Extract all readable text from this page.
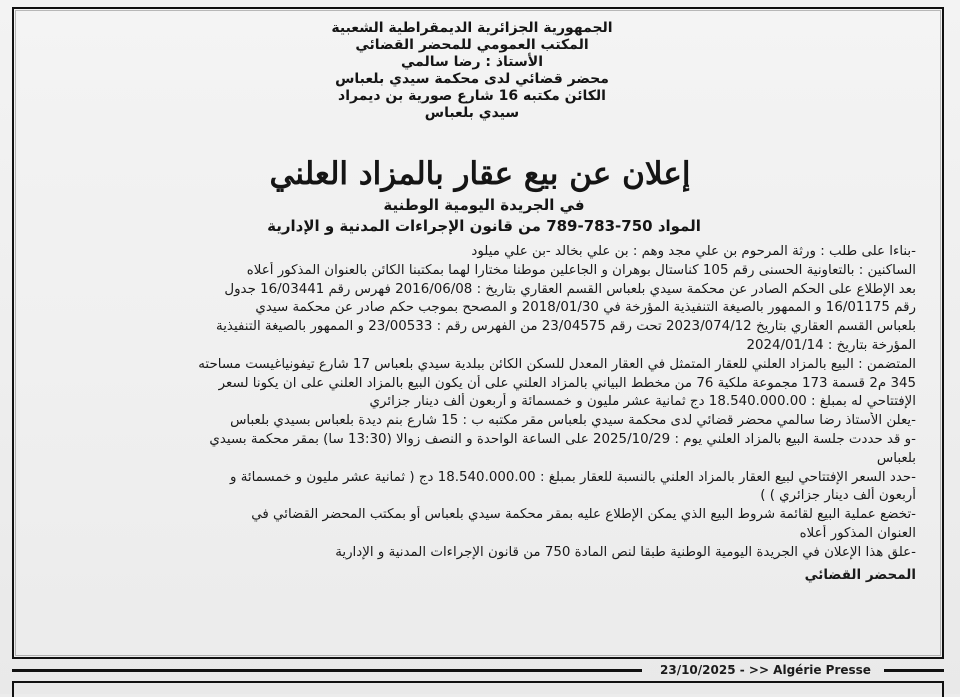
الجمهورية الجزائرية الديمقراطية الشعبية

المكتب العمومي للمحضر القضائي

الأستاذ : رضا سالمي

محضر قضائي لدى محكمة سيدي بلعباس

الكائن مكتبه 16 شارع صورية بن ديمراد

سيدي بلعباس

إعلان عن بيع عقار بالمزاد العلني
في الجريدة اليومية الوطنية
المواد 750-783-789 من قانون الإجراءات المدنية و الإدارية

-بناءا على طلب : ورثة المرحوم بن علي مجد وهم : بن علي بخالد -بن علي ميلود

الساكنين : بالتعاونية الحسنى رقم 105 كناستال بوهران و الجاعلين موطنا مختارا لهما بمكتبنا الكائن بالعنوان المذكور أعلاه

بعد الإطلاع على الحكم الصادر عن محكمة سيدي بلعباس القسم العقاري بتاريخ : 2016/06/08 فهرس رقم 16/03441 جدول

رقم 16/01175 و الممهور بالصيغة التنفيذية المؤرخة في 2018/01/30 و المصحح بموجب حكم صادر عن محكمة سيدي

بلعباس القسم العقاري بتاريخ 2023/074/12 تحت رقم 23/04575 من الفهرس رقم : 23/00533 و الممهور بالصيغة التنفيذية

المؤرخة بتاريخ : 2024/01/14

المتضمن : البيع بالمزاد العلني للعقار المتمثل في العقار المعدل للسكن الكائن ببلدية سيدي بلعباس 17 شارع تيفونياغيست مساحته

345 م2 قسمة 173 مجموعة ملكية 76 من مخطط البياني بالمزاد العلني على أن يكون البيع بالمزاد العلني على ان يكونا لسعر

الإفتتاحي له بمبلغ : 18.540.000.00 دج ثمانية عشر مليون و خمسمائة و أربعون ألف دينار جزائري

-يعلن الأستاذ رضا سالمي محضر قضائي لدى محكمة سيدي بلعباس مقر مكتبه ب : 15 شارع بنم ديدة بلعباس بسيدي بلعباس

-و قد حددت جلسة البيع بالمزاد العلني يوم : 2025/10/29 على الساعة الواحدة و النصف زوالا (13:30 سا) بمقر محكمة بسيدي

بلعباس

-حدد السعر الإفتتاحي لبيع العقار بالمزاد العلني بالنسبة للعقار بمبلغ : 18.540.000.00 دج ( ثمانية عشر مليون و خمسمائة و

أربعون ألف دينار جزائري ) )

-تخضع عملية البيع لقائمة شروط البيع الذي يمكن الإطلاع عليه بمقر محكمة سيدي بلعباس أو بمكتب المحضر القضائي في

العنوان المذكور أعلاه

-علق هذا الإعلان في الجريدة اليومية الوطنية طبقا لنص المادة 750 من قانون الإجراءات المدنية و الإدارية

المحضر القضائي

23/10/2025 - >> Algérie Presse
